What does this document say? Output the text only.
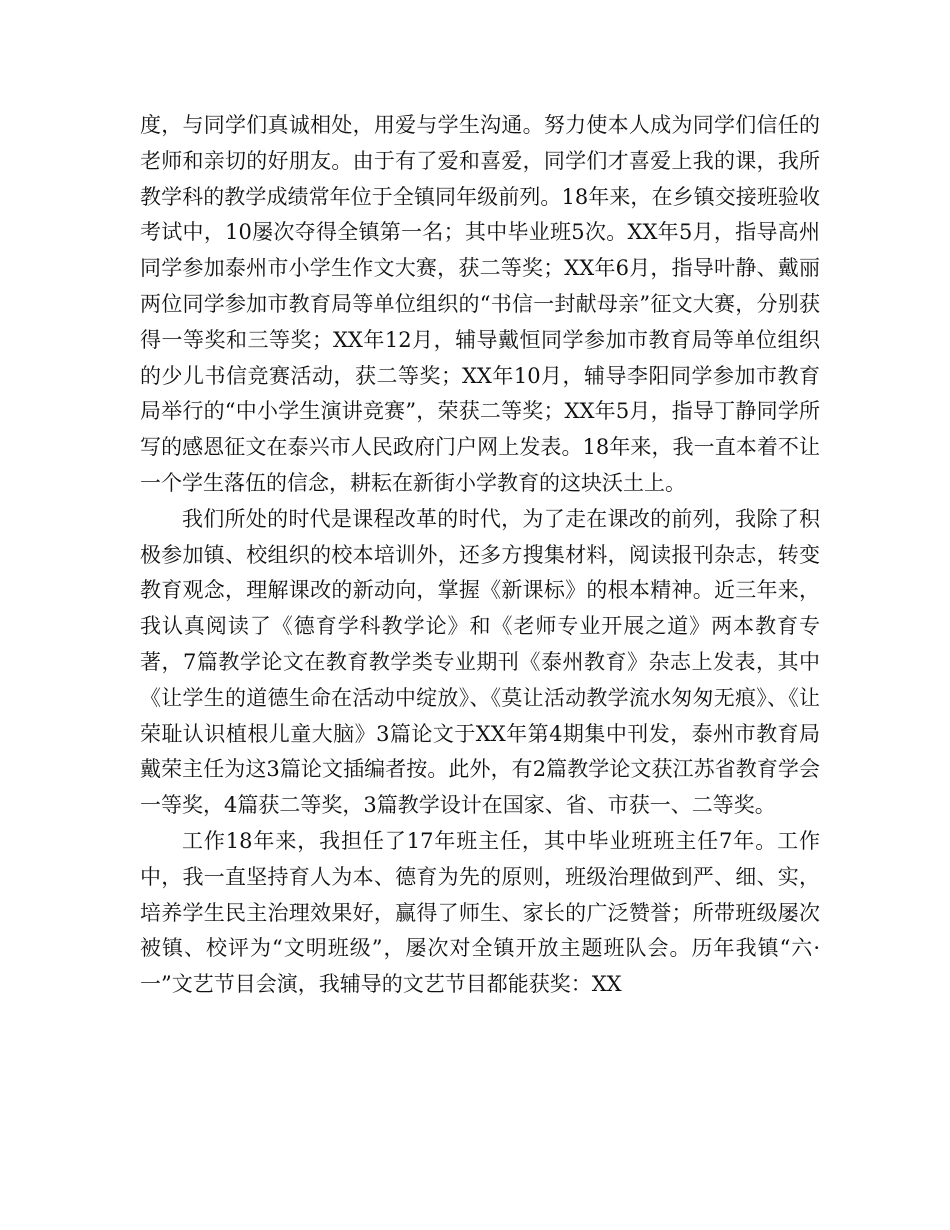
度，与同学们真诚相处，用爱与学生沟通。努力使本人成为同学们信任的老师和亲切的好朋友。由于有了爱和喜爱，同学们才喜爱上我的课，我所教学科的教学成绩常年位于全镇同年级前列。18年来，在乡镇交接班验收考试中，10屡次夺得全镇第一名；其中毕业班5次。XX年5月，指导高州同学参加泰州市小学生作文大赛，获二等奖；XX年6月，指导叶静、戴丽两位同学参加市教育局等单位组织的“书信一封献母亲”征文大赛，分别获得一等奖和三等奖；XX年12月，辅导戴恒同学参加市教育局等单位组织的少儿书信竞赛活动，获二等奖；XX年10月，辅导李阳同学参加市教育局举行的“中小学生演讲竞赛”，荣获二等奖；XX年5月，指导丁静同学所写的感恩征文在泰兴市人民政府门户网上发表。18年来，我一直本着不让一个学生落伍的信念，耕耘在新街小学教育的这块沃土上。

我们所处的时代是课程改革的时代，为了走在课改的前列，我除了积极参加镇、校组织的校本培训外，还多方搜集材料，阅读报刊杂志，转变教育观念，理解课改的新动向，掌握《新课标》的根本精神。近三年来，我认真阅读了《德育学科教学论》和《老师专业开展之道》两本教育专著，7篇教学论文在教育教学类专业期刊《泰州教育》杂志上发表，其中《让学生的道德生命在活动中绽放》、《莫让活动教学流水匆匆无痕》、《让荣耻认识植根儿童大脑》3篇论文于XX年第4期集中刊发，泰州市教育局戴荣主任为这3篇论文插编者按。此外，有2篇教学论文获江苏省教育学会一等奖，4篇获二等奖，3篇教学设计在国家、省、市获一、二等奖。

工作18年来，我担任了17年班主任，其中毕业班班主任7年。工作中，我一直坚持育人为本、德育为先的原则，班级治理做到严、细、实，培养学生民主治理效果好，赢得了师生、家长的广泛赞誉；所带班级屡次被镇、校评为“文明班级”，屡次对全镇开放主题班队会。历年我镇“六·一”文艺节目会演，我辅导的文艺节目都能获奖：XX
